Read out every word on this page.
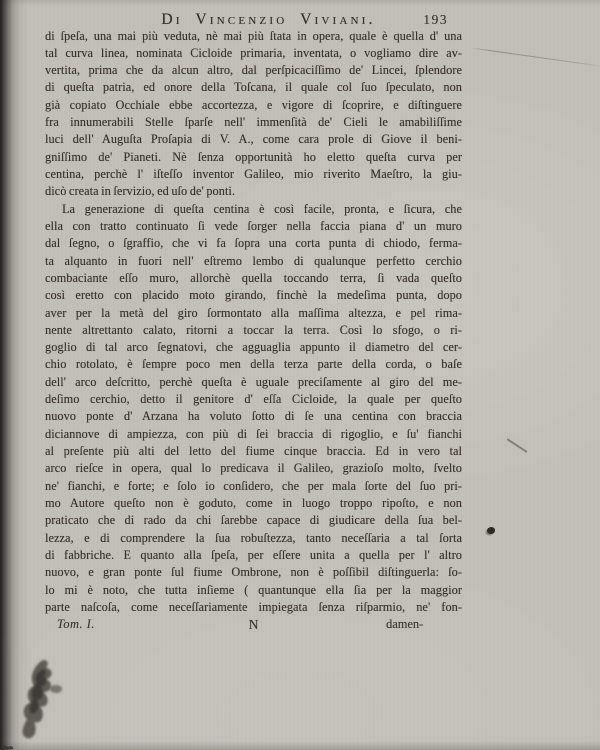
Di Vincenzio Viviani.	193
di ſpeſa, una mai più veduta, nè mai più ſtata in opera, quale è quella d' una
tal curva linea, nominata Cicloide primaria, inventata, o vogliamo dire av-
vertita, prima che da alcun altro, dal perſpicaciſſimo de' Lincei, ſplendore
di queſta patria, ed onore della Toſcana, il quale col ſuo ſpeculato, non
già copiato Occhiale ebbe accortezza, e vigore di ſcoprire, e diſtinguere
fra innumerabili Stelle ſparſe nell' immenſità de' Cieli le amabiliſſime
luci dell' Auguſta Proſapia di V. A., come cara prole di Giove il beni-
gniſſimo de' Pianeti. Nè ſenza opportunità ho eletto queſta curva per
centina, perchè l' iſteſſo inventor Galileo, mio riverito Maeſtro, la giu-
dicò creata in ſervizio, ed uſo de' ponti.
La generazione di queſta centina è così facile, pronta, e ſicura, che
ella con tratto continuato ſi vede ſorger nella faccia piana d' un muro
dal ſegno, o ſgraffio, che vi fa ſopra una corta punta di chiodo, ferma-
ta alquanto in fuori nell' eſtremo lembo di qualunque perfetto cerchio
combaciante eſſo muro, allorchè quella toccando terra, ſi vada queſto
così eretto con placido moto girando, finchè la medeſima punta, dopo
aver per la metà del giro ſormontato alla maſſima altezza, e pel rima-
nente altrettanto calato, ritorni a toccar la terra. Così lo sfogo, o ri-
goglio di tal arco ſegnatovi, che agguaglia appunto il diametro del cer-
chio rotolato, è ſempre poco men della terza parte della corda, o baſe
dell' arco deſcritto, perchè queſta è uguale preciſamente al giro del me-
deſimo cerchio, detto il genitore d' eſſa Cicloide, la quale per queſto
nuovo ponte d' Arzana ha voluto ſotto di ſe una centina con braccia
diciannove di ampiezza, con più di ſei braccia di rigoglio, e ſu' fianchi
al preſente più alti del letto del fiume cinque braccia. Ed in vero tal
arco rieſce in opera, qual lo predicava il Galileo, grazioſo molto, ſvelto
ne' fianchi, e forte; e ſolo io conſidero, che per mala ſorte del ſuo pri-
mo Autore queſto non è goduto, come in luogo troppo ripoſto, e non
praticato che di rado da chi ſarebbe capace di giudicare della ſua bel-
lezza, e di comprendere la ſua robuſtezza, tanto neceſſaria a tal ſorta
di fabbriche. E quanto alla ſpeſa, per eſſere unita a quella per l' altro
nuovo, e gran ponte ſul fiume Ombrone, non è poſſibil diſtinguerla: ſo-
lo mi è noto, che tutta inſieme ( quantunque ella ſia per la maggior
parte naſcoſa, come neceſſariamente impiegata ſenza riſparmio, ne' fon-
Tom. I.	N	damen-
